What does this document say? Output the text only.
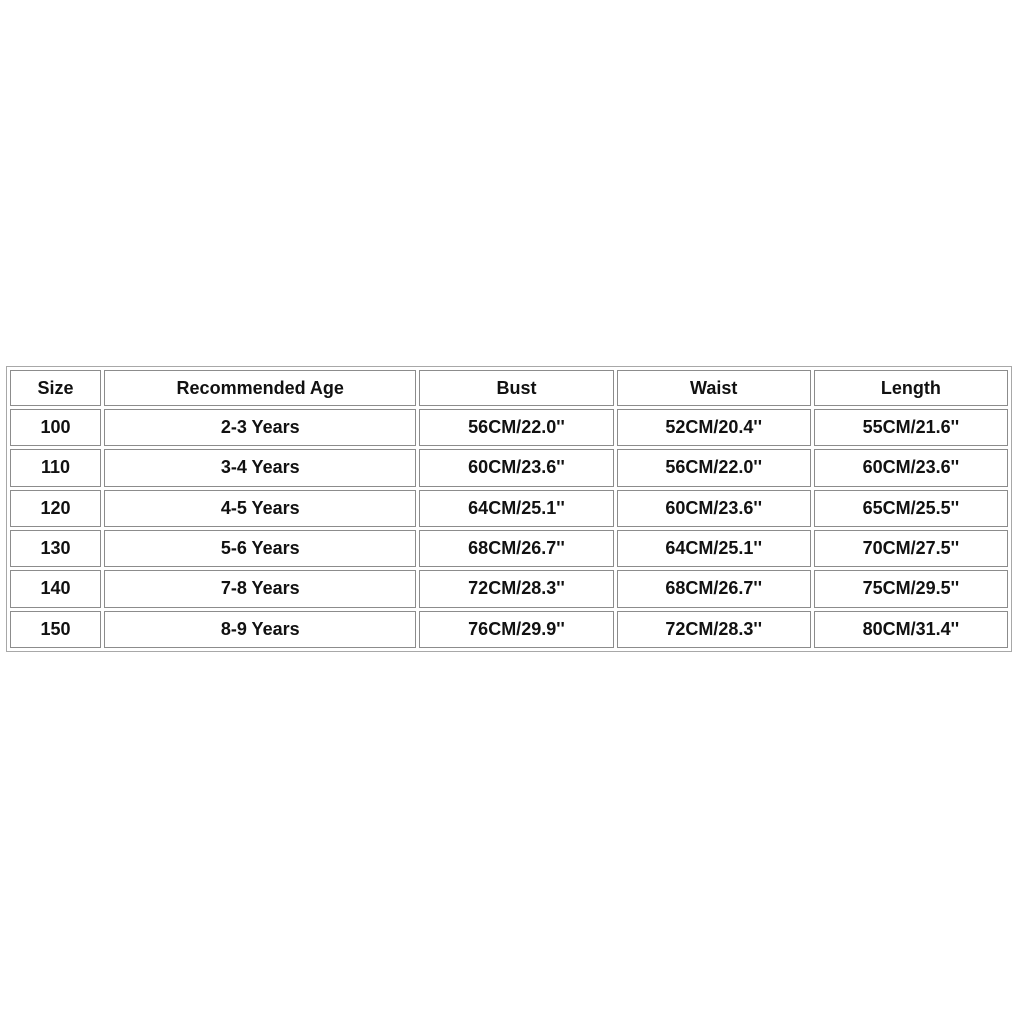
Size	Recommended Age	Bust	Waist	Length
100	2-3 Years	56CM/22.0''	52CM/20.4''	55CM/21.6''
110	3-4 Years	60CM/23.6''	56CM/22.0''	60CM/23.6''
120	4-5 Years	64CM/25.1''	60CM/23.6''	65CM/25.5''
130	5-6 Years	68CM/26.7''	64CM/25.1''	70CM/27.5''
140	7-8 Years	72CM/28.3''	68CM/26.7''	75CM/29.5''
150	8-9 Years	76CM/29.9''	72CM/28.3''	80CM/31.4''
